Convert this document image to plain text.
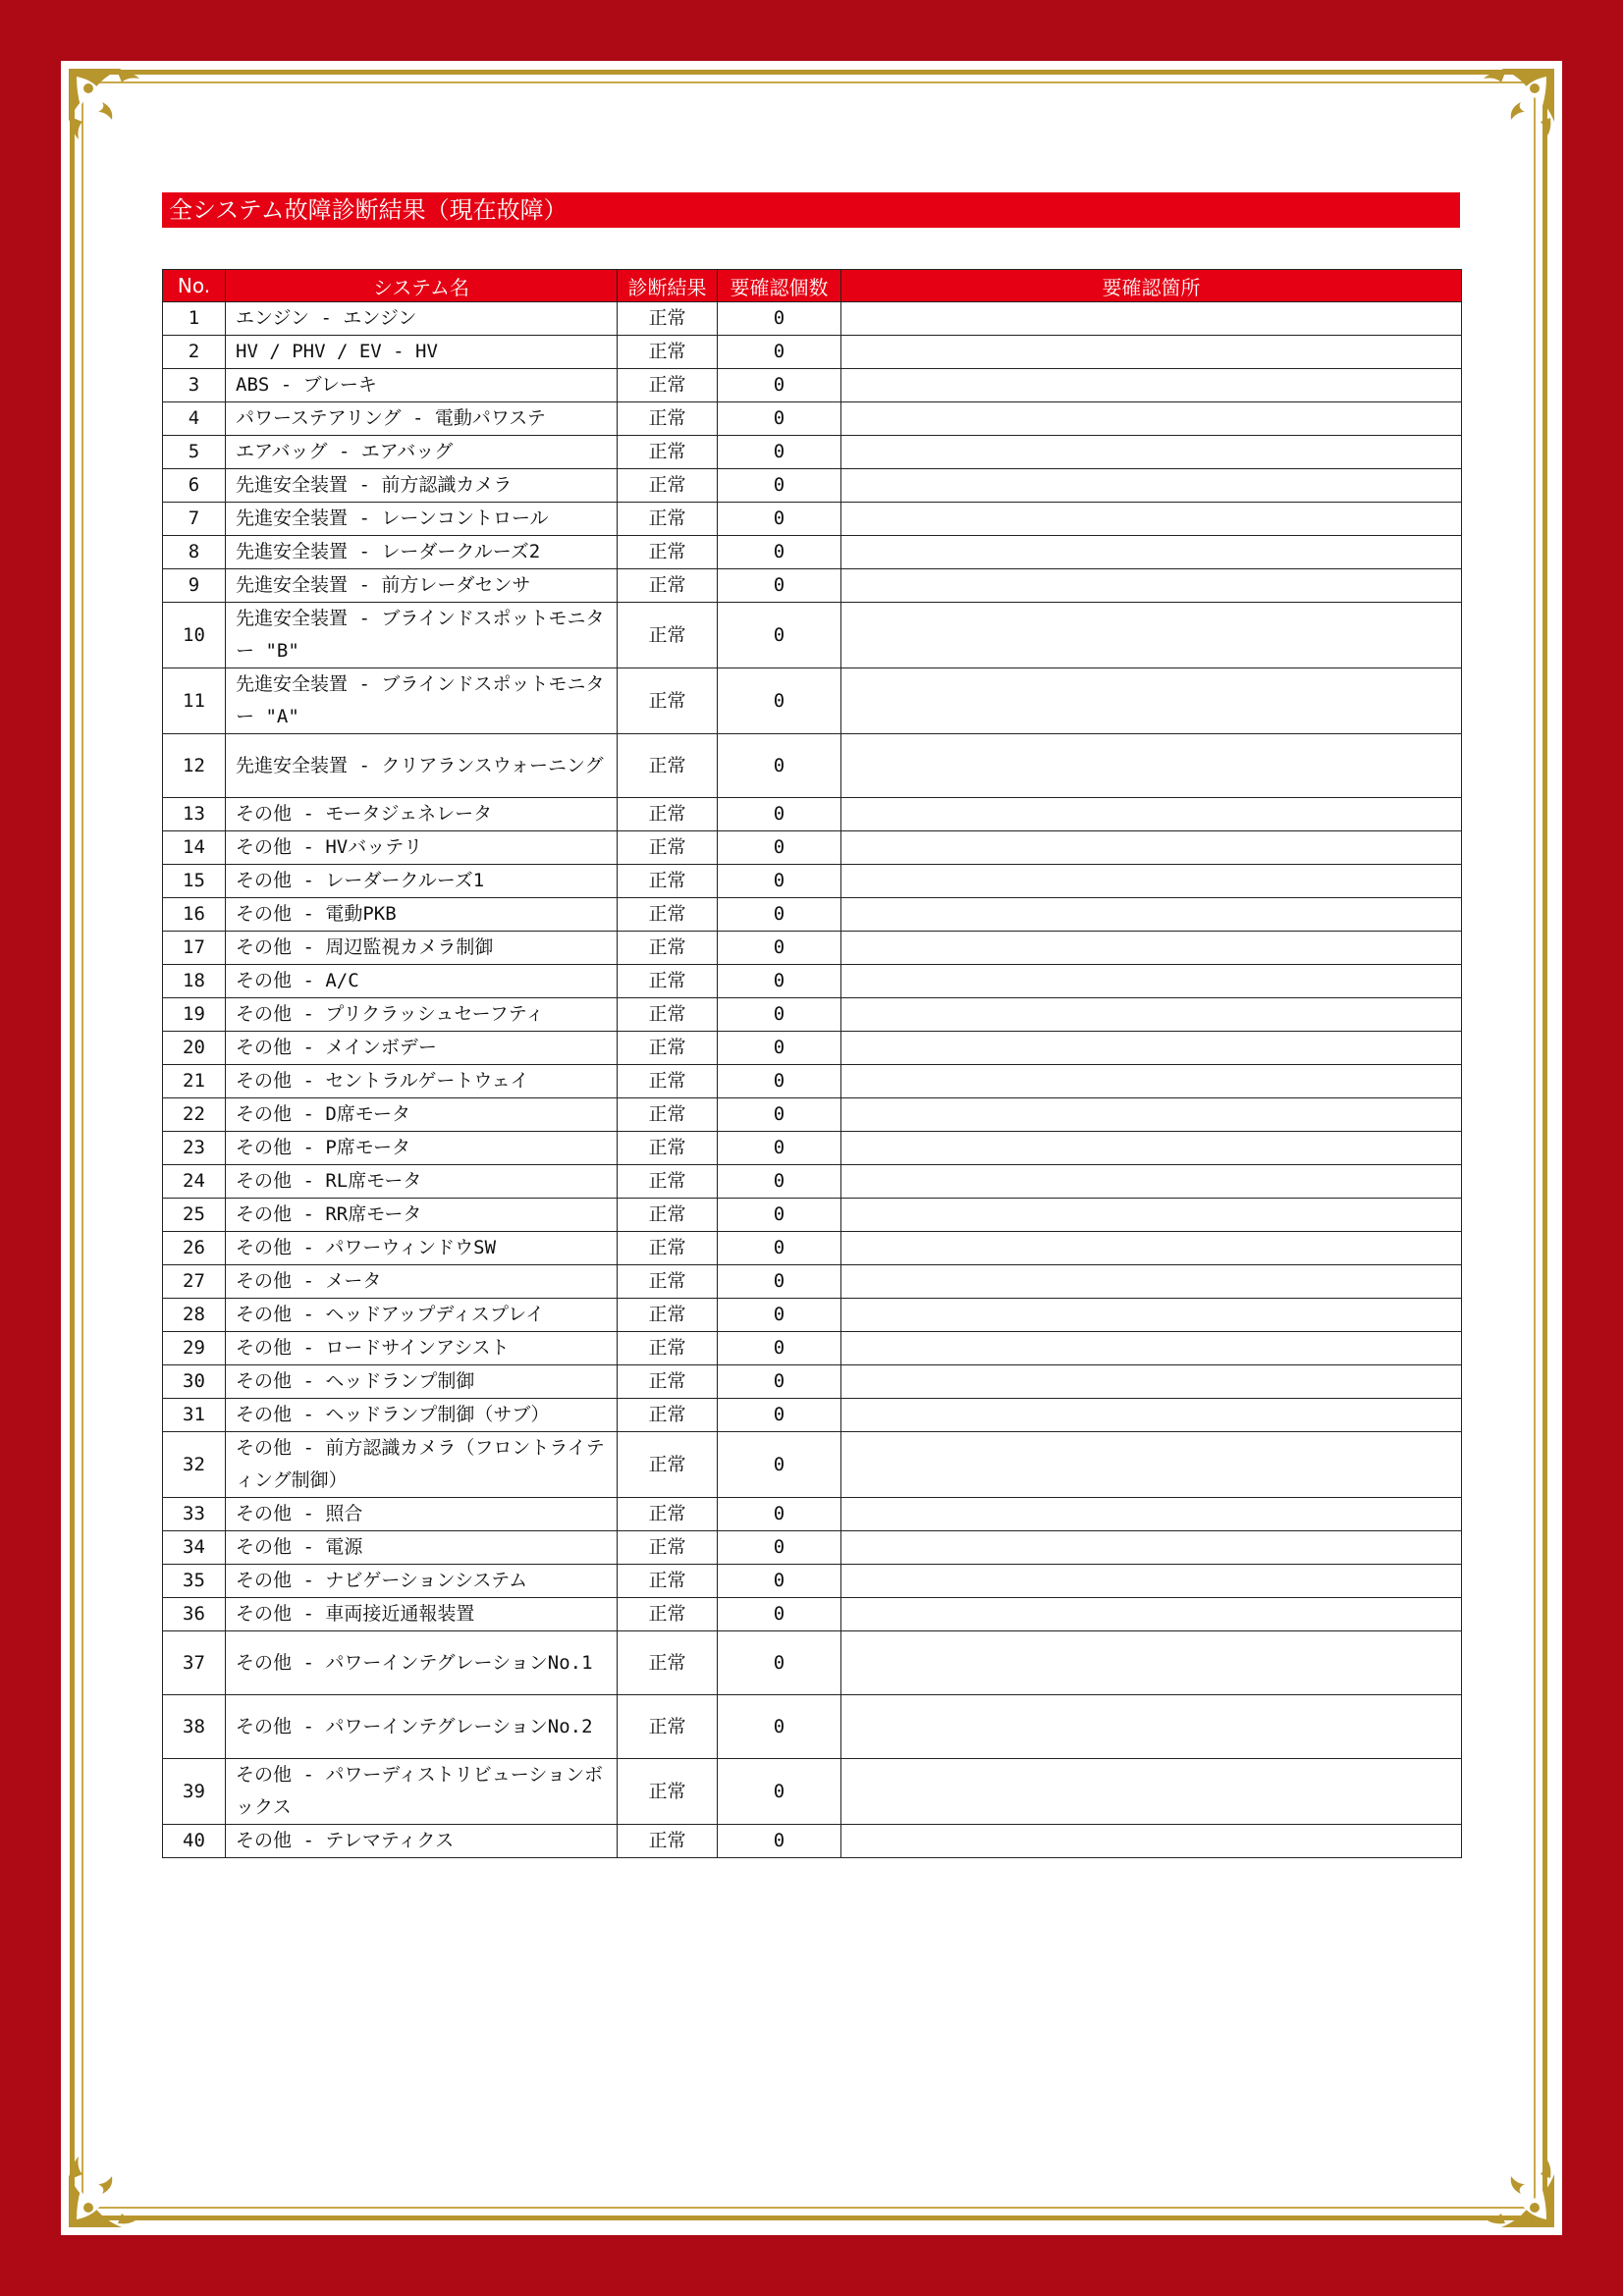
全システム故障診断結果（現在故障）
No.	システム名	診断結果	要確認個数	要確認箇所
1	エンジン - エンジン	正常	0	
2	HV / PHV / EV - HV	正常	0	
3	ABS - ブレーキ	正常	0	
4	パワーステアリング - 電動パワステ	正常	0	
5	エアバッグ - エアバッグ	正常	0	
6	先進安全装置 - 前方認識カメラ	正常	0	
7	先進安全装置 - レーンコントロール	正常	0	
8	先進安全装置 - レーダークルーズ2	正常	0	
9	先進安全装置 - 前方レーダセンサ	正常	0	
10	先進安全装置 - ブラインドスポットモニター "B"	正常	0	
11	先進安全装置 - ブラインドスポットモニター "A"	正常	0	
12	先進安全装置 - クリアランスウォーニング	正常	0	
13	その他 - モータジェネレータ	正常	0	
14	その他 - HVバッテリ	正常	0	
15	その他 - レーダークルーズ1	正常	0	
16	その他 - 電動PKB	正常	0	
17	その他 - 周辺監視カメラ制御	正常	0	
18	その他 - A/C	正常	0	
19	その他 - プリクラッシュセーフティ	正常	0	
20	その他 - メインボデー	正常	0	
21	その他 - セントラルゲートウェイ	正常	0	
22	その他 - D席モータ	正常	0	
23	その他 - P席モータ	正常	0	
24	その他 - RL席モータ	正常	0	
25	その他 - RR席モータ	正常	0	
26	その他 - パワーウィンドウSW	正常	0	
27	その他 - メータ	正常	0	
28	その他 - ヘッドアップディスプレイ	正常	0	
29	その他 - ロードサインアシスト	正常	0	
30	その他 - ヘッドランプ制御	正常	0	
31	その他 - ヘッドランプ制御（サブ）	正常	0	
32	その他 - 前方認識カメラ（フロントライティング制御）	正常	0	
33	その他 - 照合	正常	0	
34	その他 - 電源	正常	0	
35	その他 - ナビゲーションシステム	正常	0	
36	その他 - 車両接近通報装置	正常	0	
37	その他 - パワーインテグレーションNo.1	正常	0	
38	その他 - パワーインテグレーションNo.2	正常	0	
39	その他 - パワーディストリビューションボックス	正常	0	
40	その他 - テレマティクス	正常	0	
